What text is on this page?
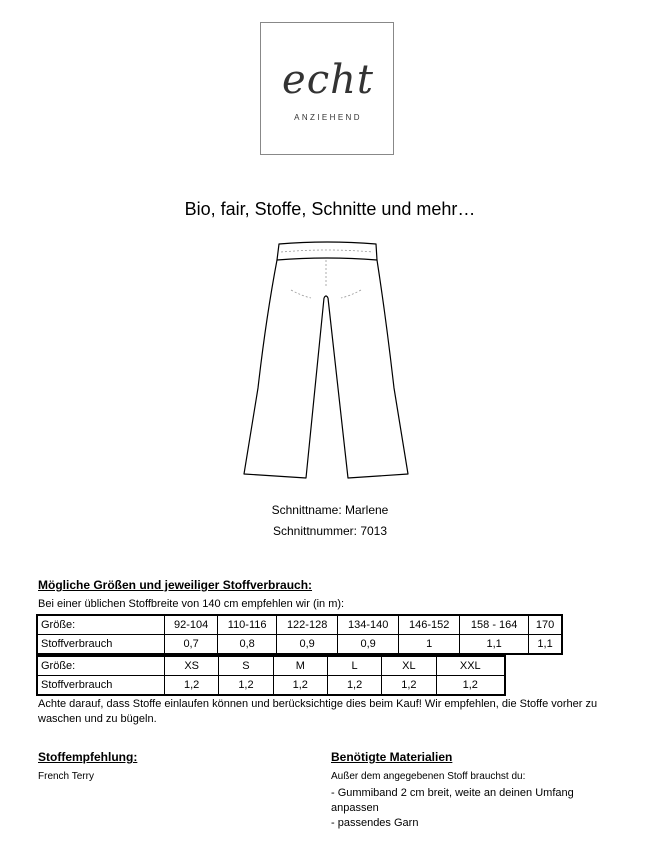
echt
ANZIEHEND
Bio, fair, Stoffe, Schnitte und mehr…
Schnittname: Marlene
Schnittnummer: 7013
Mögliche Größen und jeweiliger Stoffverbrauch:
Bei einer üblichen Stoffbreite von 140 cm empfehlen wir (in m):
Größe:	92-104	110-116	122-128	134-140	146-152	158 - 164	170
Stoffverbrauch	0,7	0,8	0,9	0,9	1	1,1	1,1
Größe:	XS	S	M	L	XL	XXL
Stoffverbrauch	1,2	1,2	1,2	1,2	1,2	1,2
Achte darauf, dass Stoffe einlaufen können und berücksichtige dies beim Kauf! Wir empfehlen, die Stoffe vorher zu waschen und zu bügeln.
Stoffempfehlung:
French Terry
Benötigte Materialien
Außer dem angegebenen Stoff brauchst du:
- Gummiband 2 cm breit, weite an deinen Umfang anpassen
- passendes Garn
